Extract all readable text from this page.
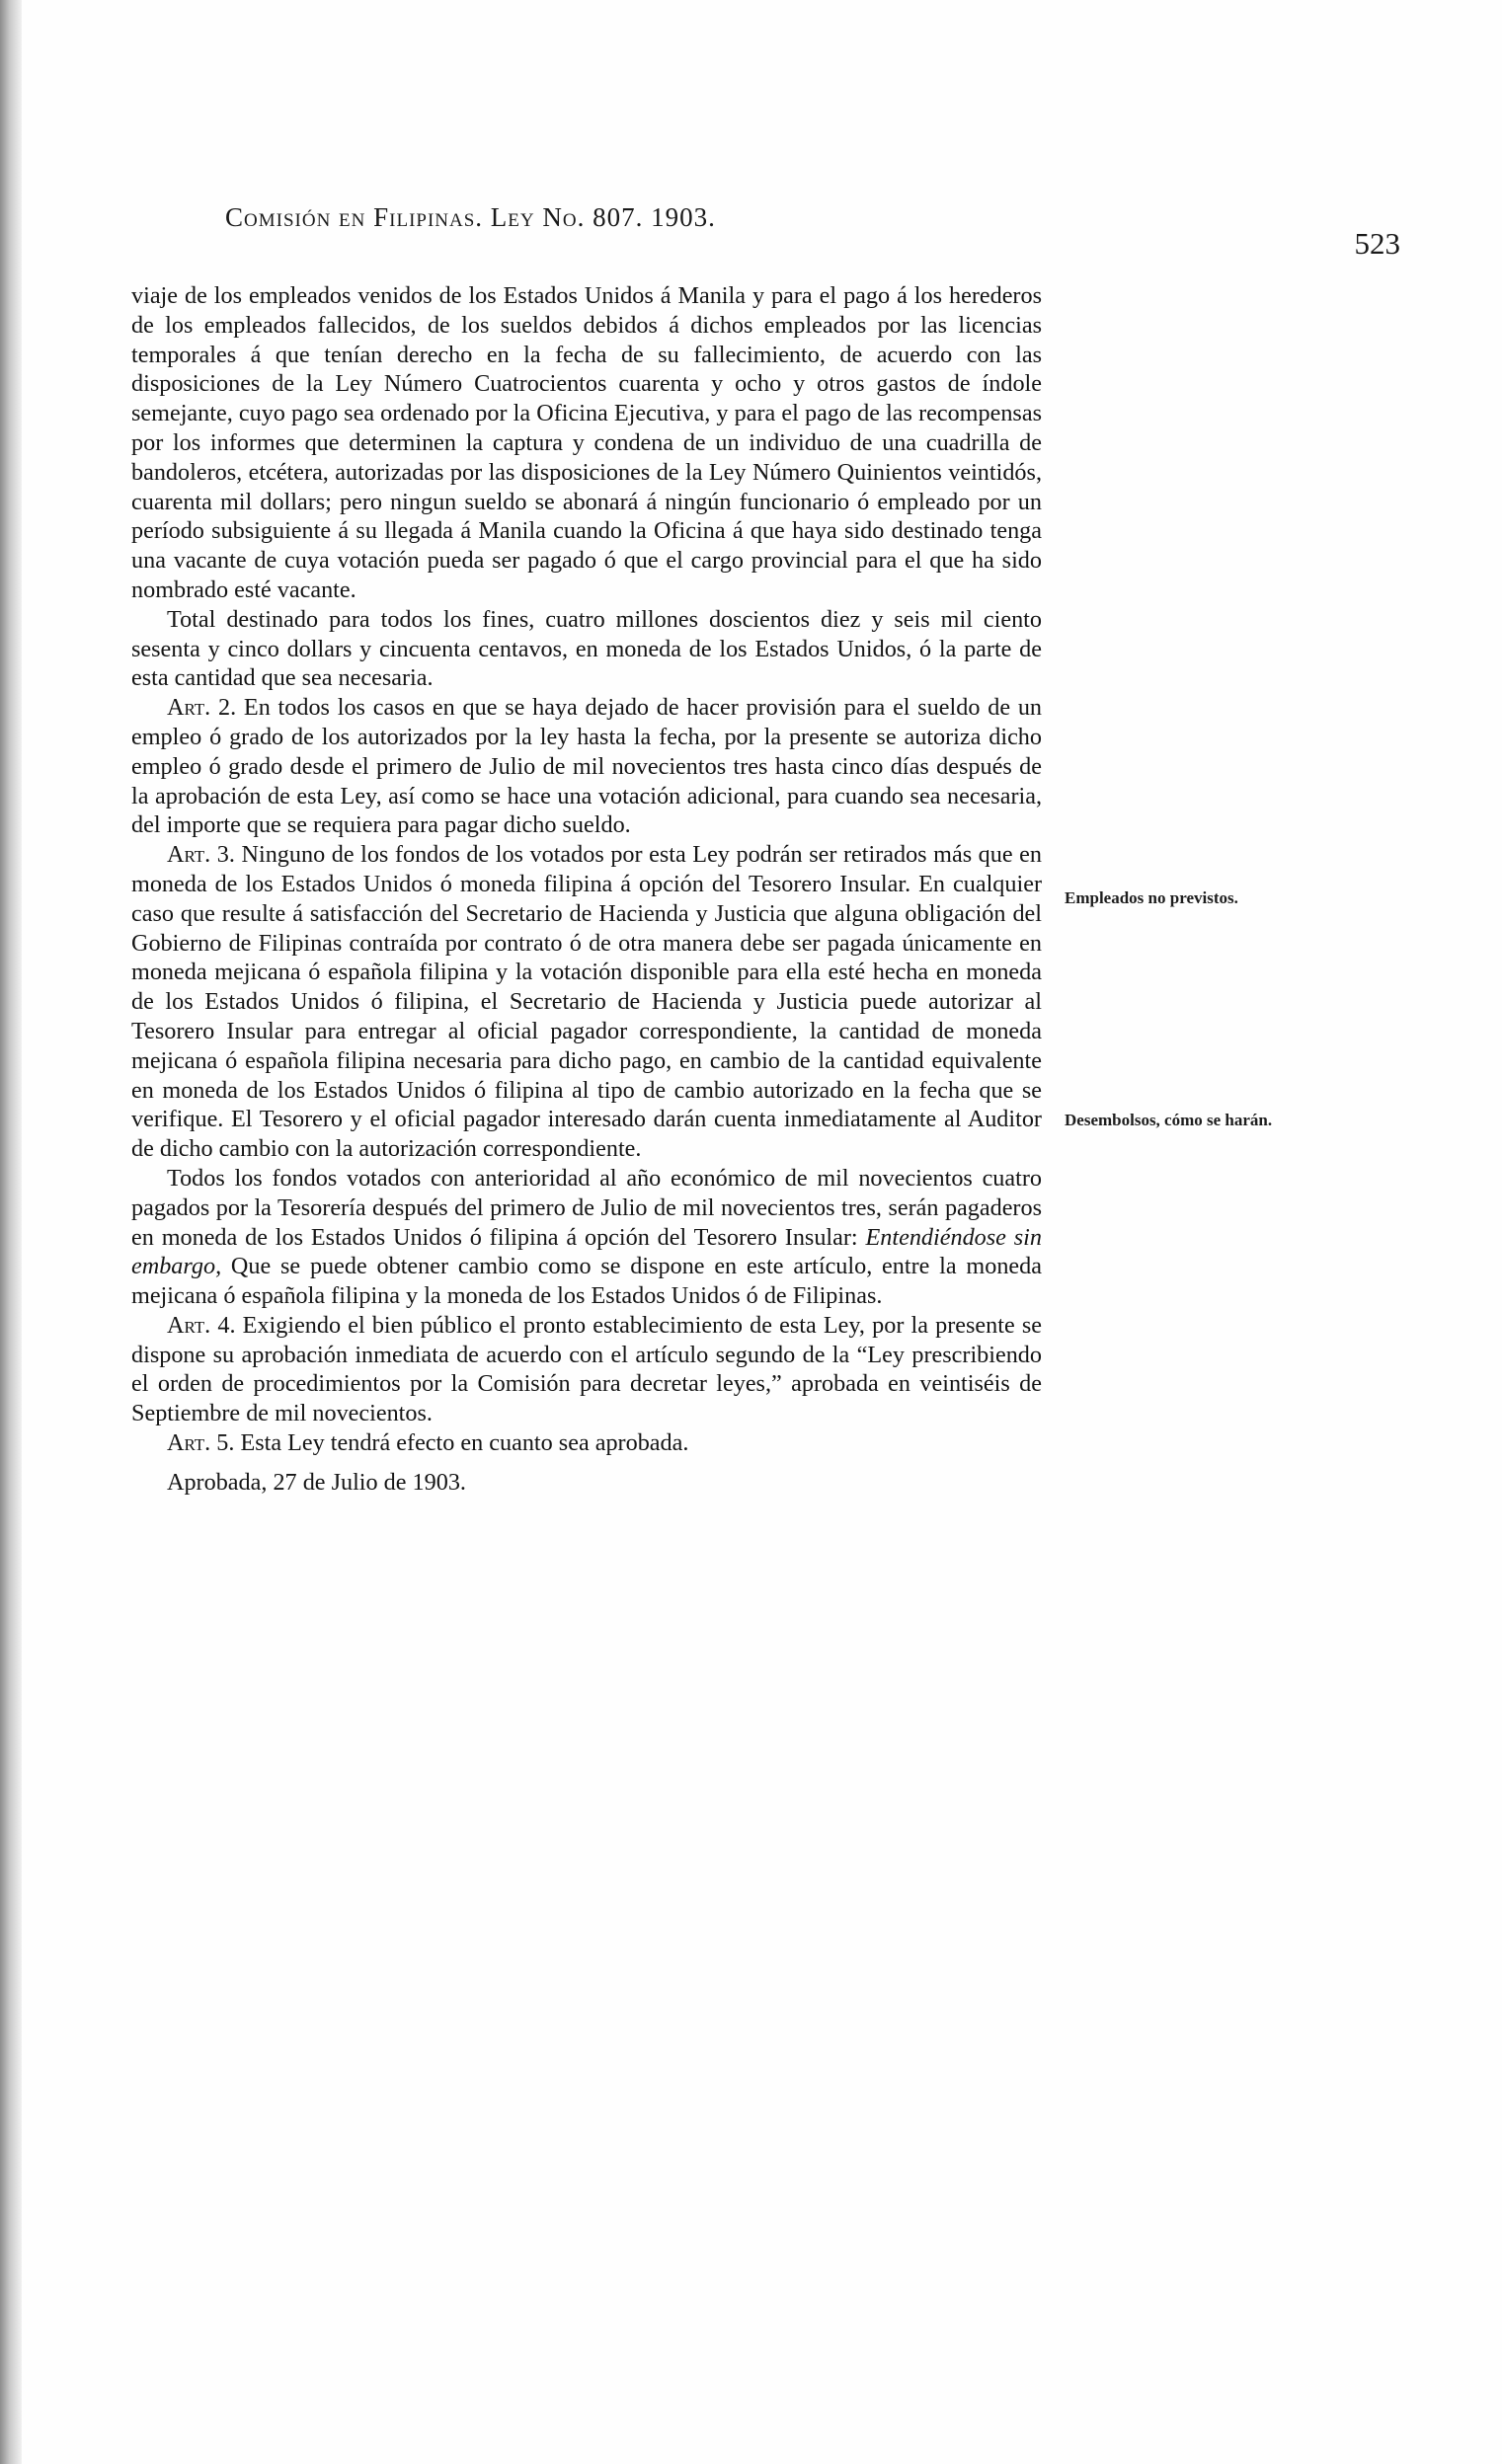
Comisión en Filipinas. Ley No. 807. 1903.
523

viaje de los empleados venidos de los Estados Unidos á Manila y para el pago á los herederos de los empleados fallecidos, de los sueldos debidos á dichos empleados por las licencias temporales á que tenían derecho en la fecha de su fallecimiento, de acuerdo con las disposiciones de la Ley Número Cuatrocientos cuarenta y ocho y otros gastos de índole semejante, cuyo pago sea ordenado por la Oficina Ejecutiva, y para el pago de las recompensas por los informes que determinen la captura y condena de un individuo de una cuadrilla de bandoleros, etcétera, autorizadas por las disposiciones de la Ley Número Quinientos veintidós, cuarenta mil dollars; pero ningun sueldo se abonará á ningún funcionario ó empleado por un período subsiguiente á su llegada á Manila cuando la Oficina á que haya sido destinado tenga una vacante de cuya votación pueda ser pagado ó que el cargo provincial para el que ha sido nombrado esté vacante.

Total destinado para todos los fines, cuatro millones doscientos diez y seis mil ciento sesenta y cinco dollars y cincuenta centavos, en moneda de los Estados Unidos, ó la parte de esta cantidad que sea necesaria.

Art. 2. En todos los casos en que se haya dejado de hacer provisión para el sueldo de un empleo ó grado de los autorizados por la ley hasta la fecha, por la presente se autoriza dicho empleo ó grado desde el primero de Julio de mil novecientos tres hasta cinco días después de la aprobación de esta Ley, así como se hace una votación adicional, para cuando sea necesaria, del importe que se requiera para pagar dicho sueldo.

Art. 3. Ninguno de los fondos de los votados por esta Ley podrán ser retirados más que en moneda de los Estados Unidos ó moneda filipina á opción del Tesorero Insular. En cualquier caso que resulte á satisfacción del Secretario de Hacienda y Justicia que alguna obligación del Gobierno de Filipinas contraída por contrato ó de otra manera debe ser pagada únicamente en moneda mejicana ó española filipina y la votación disponible para ella esté hecha en moneda de los Estados Unidos ó filipina, el Secretario de Hacienda y Justicia puede autorizar al Tesorero Insular para entregar al oficial pagador correspondiente, la cantidad de moneda mejicana ó española filipina necesaria para dicho pago, en cambio de la cantidad equivalente en moneda de los Estados Unidos ó filipina al tipo de cambio autorizado en la fecha que se verifique. El Tesorero y el oficial pagador interesado darán cuenta inmediatamente al Auditor de dicho cambio con la autorización correspondiente.

Todos los fondos votados con anterioridad al año económico de mil novecientos cuatro pagados por la Tesorería después del primero de Julio de mil novecientos tres, serán pagaderos en moneda de los Estados Unidos ó filipina á opción del Tesorero Insular: Entendiéndose sin embargo, Que se puede obtener cambio como se dispone en este artículo, entre la moneda mejicana ó española filipina y la moneda de los Estados Unidos ó de Filipinas.

Art. 4. Exigiendo el bien público el pronto establecimiento de esta Ley, por la presente se dispone su aprobación inmediata de acuerdo con el artículo segundo de la “Ley prescribiendo el orden de procedimientos por la Comisión para decretar leyes,” aprobada en veintiséis de Septiembre de mil novecientos.

Art. 5. Esta Ley tendrá efecto en cuanto sea aprobada.

Aprobada, 27 de Julio de 1903.

Empleados no previstos.
Desembolsos, cómo se harán.
